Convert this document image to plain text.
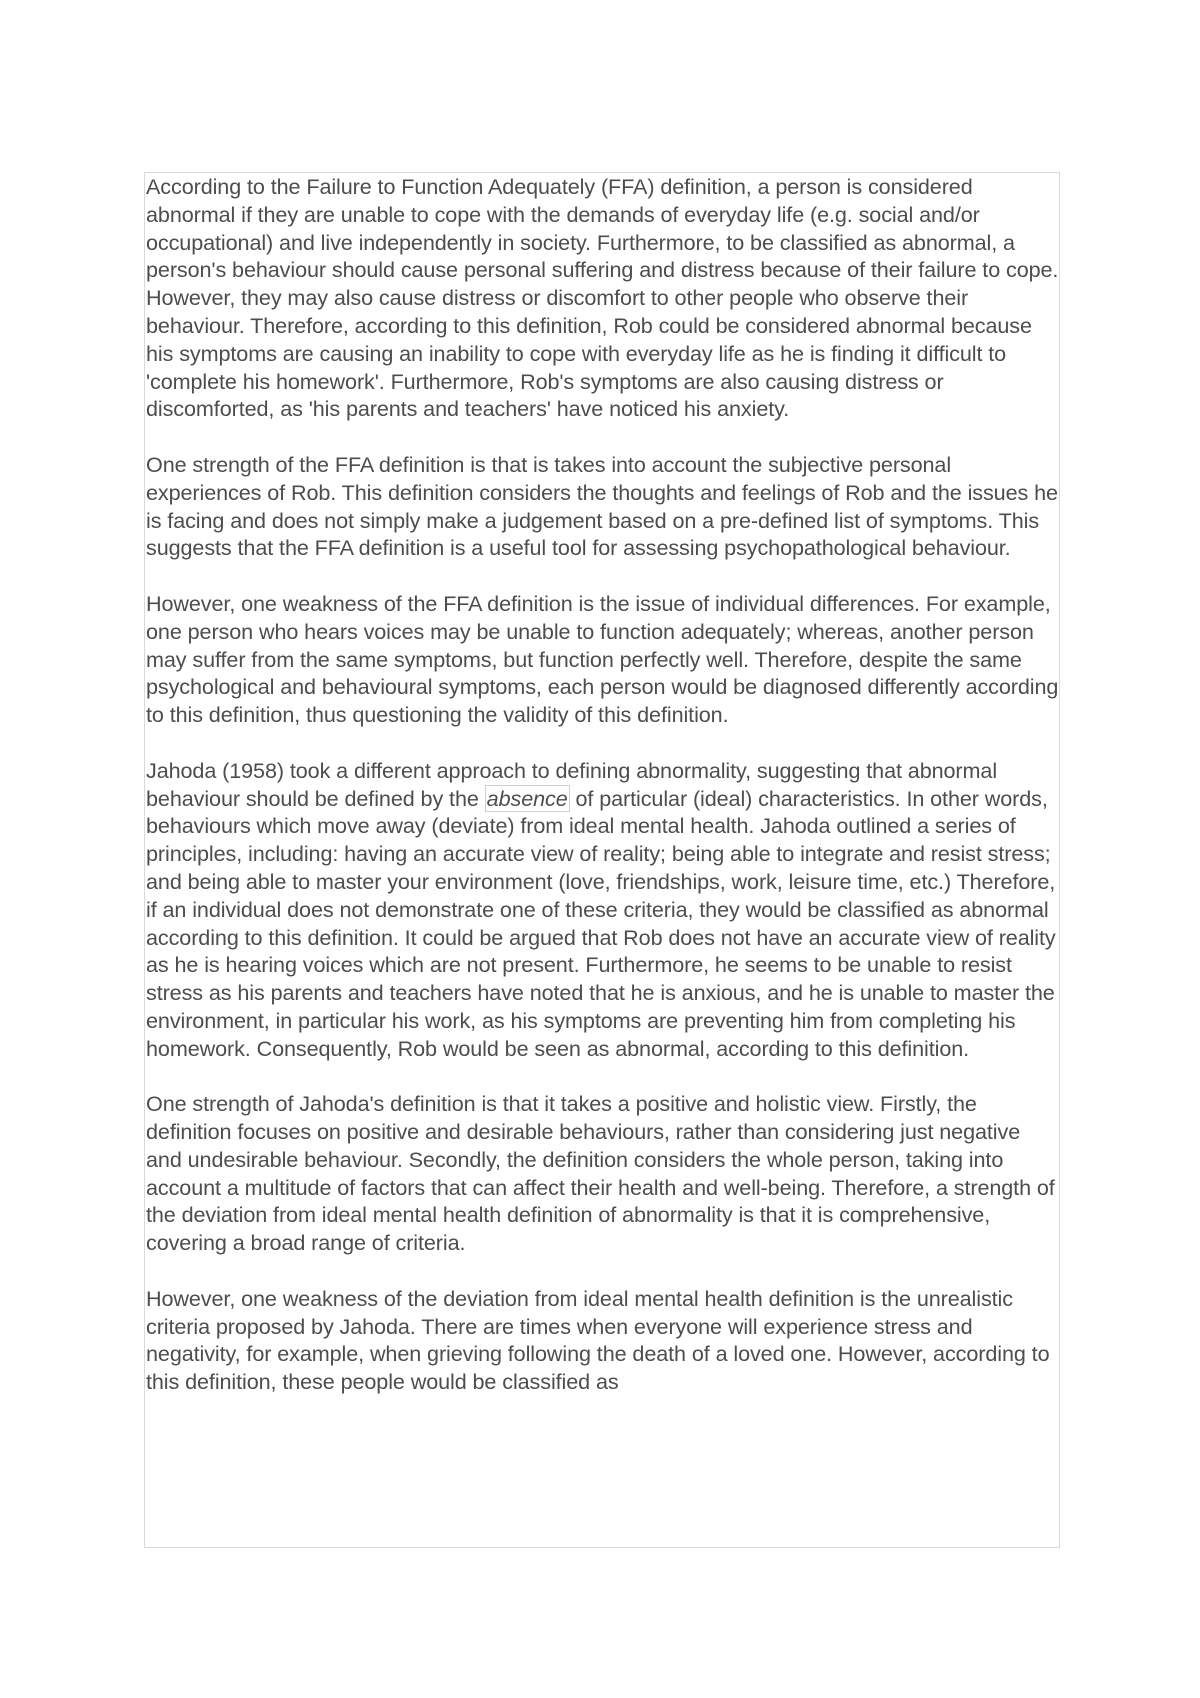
According to the Failure to Function Adequately (FFA) definition, a person is considered abnormal if they are unable to cope with the demands of everyday life (e.g. social and/or occupational) and live independently in society. Furthermore, to be classified as abnormal, a person's behaviour should cause personal suffering and distress because of their failure to cope. However, they may also cause distress or discomfort to other people who observe their behaviour. Therefore, according to this definition, Rob could be considered abnormal because his symptoms are causing an inability to cope with everyday life as he is finding it difficult to 'complete his homework'. Furthermore, Rob's symptoms are also causing distress or discomforted, as 'his parents and teachers' have noticed his anxiety.

One strength of the FFA definition is that is takes into account the subjective personal experiences of Rob. This definition considers the thoughts and feelings of Rob and the issues he is facing and does not simply make a judgement based on a pre-defined list of symptoms. This suggests that the FFA definition is a useful tool for assessing psychopathological behaviour.

However, one weakness of the FFA definition is the issue of individual differences. For example, one person who hears voices may be unable to function adequately; whereas, another person may suffer from the same symptoms, but function perfectly well. Therefore, despite the same psychological and behavioural symptoms, each person would be diagnosed differently according to this definition, thus questioning the validity of this definition.

Jahoda (1958) took a different approach to defining abnormality, suggesting that abnormal behaviour should be defined by the absence of particular (ideal) characteristics. In other words, behaviours which move away (deviate) from ideal mental health. Jahoda outlined a series of principles, including: having an accurate view of reality; being able to integrate and resist stress; and being able to master your environment (love, friendships, work, leisure time, etc.) Therefore, if an individual does not demonstrate one of these criteria, they would be classified as abnormal according to this definition. It could be argued that Rob does not have an accurate view of reality as he is hearing voices which are not present. Furthermore, he seems to be unable to resist stress as his parents and teachers have noted that he is anxious, and he is unable to master the environment, in particular his work, as his symptoms are preventing him from completing his homework. Consequently, Rob would be seen as abnormal, according to this definition.

One strength of Jahoda's definition is that it takes a positive and holistic view. Firstly, the definition focuses on positive and desirable behaviours, rather than considering just negative and undesirable behaviour. Secondly, the definition considers the whole person, taking into account a multitude of factors that can affect their health and well-being. Therefore, a strength of the deviation from ideal mental health definition of abnormality is that it is comprehensive, covering a broad range of criteria.

However, one weakness of the deviation from ideal mental health definition is the unrealistic criteria proposed by Jahoda. There are times when everyone will experience stress and negativity, for example, when grieving following the death of a loved one. However, according to this definition, these people would be classified as
